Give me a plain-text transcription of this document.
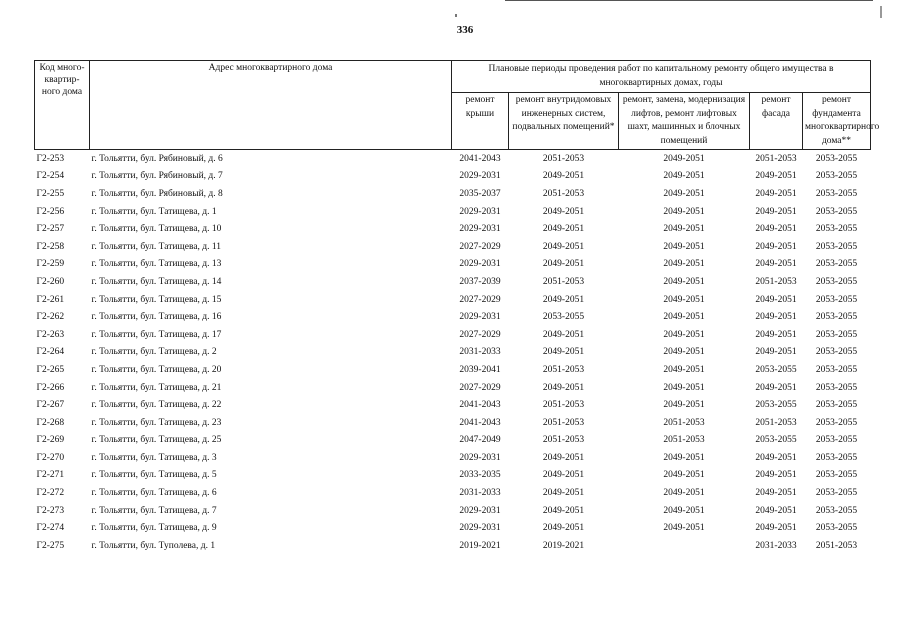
336
Код много-
квартир-
ного дома	Адрес многоквартирного дома	Плановые периоды проведения работ по капитальному ремонту общего имущества в многоквартирных домах, годы				
		ремонт крыши	ремонт внутридомовых инженерных систем, подвальных помещений*	ремонт, замена, модернизация лифтов, ремонт лифтовых шахт, машинных и блочных помещений	ремонт фасада	ремонт фундамента многоквартирного дома**
Г2-253	г. Тольятти, бул. Рябиновый, д. 6	2041-2043	2051-2053	2049-2051	2051-2053	2053-2055
Г2-254	г. Тольятти, бул. Рябиновый, д. 7	2029-2031	2049-2051	2049-2051	2049-2051	2053-2055
Г2-255	г. Тольятти, бул. Рябиновый, д. 8	2035-2037	2051-2053	2049-2051	2049-2051	2053-2055
Г2-256	г. Тольятти, бул. Татищева, д. 1	2029-2031	2049-2051	2049-2051	2049-2051	2053-2055
Г2-257	г. Тольятти, бул. Татищева, д. 10	2029-2031	2049-2051	2049-2051	2049-2051	2053-2055
Г2-258	г. Тольятти, бул. Татищева, д. 11	2027-2029	2049-2051	2049-2051	2049-2051	2053-2055
Г2-259	г. Тольятти, бул. Татищева, д. 13	2029-2031	2049-2051	2049-2051	2049-2051	2053-2055
Г2-260	г. Тольятти, бул. Татищева, д. 14	2037-2039	2051-2053	2049-2051	2051-2053	2053-2055
Г2-261	г. Тольятти, бул. Татищева, д. 15	2027-2029	2049-2051	2049-2051	2049-2051	2053-2055
Г2-262	г. Тольятти, бул. Татищева, д. 16	2029-2031	2053-2055	2049-2051	2049-2051	2053-2055
Г2-263	г. Тольятти, бул. Татищева, д. 17	2027-2029	2049-2051	2049-2051	2049-2051	2053-2055
Г2-264	г. Тольятти, бул. Татищева, д. 2	2031-2033	2049-2051	2049-2051	2049-2051	2053-2055
Г2-265	г. Тольятти, бул. Татищева, д. 20	2039-2041	2051-2053	2049-2051	2053-2055	2053-2055
Г2-266	г. Тольятти, бул. Татищева, д. 21	2027-2029	2049-2051	2049-2051	2049-2051	2053-2055
Г2-267	г. Тольятти, бул. Татищева, д. 22	2041-2043	2051-2053	2049-2051	2053-2055	2053-2055
Г2-268	г. Тольятти, бул. Татищева, д. 23	2041-2043	2051-2053	2051-2053	2051-2053	2053-2055
Г2-269	г. Тольятти, бул. Татищева, д. 25	2047-2049	2051-2053	2051-2053	2053-2055	2053-2055
Г2-270	г. Тольятти, бул. Татищева, д. 3	2029-2031	2049-2051	2049-2051	2049-2051	2053-2055
Г2-271	г. Тольятти, бул. Татищева, д. 5	2033-2035	2049-2051	2049-2051	2049-2051	2053-2055
Г2-272	г. Тольятти, бул. Татищева, д. 6	2031-2033	2049-2051	2049-2051	2049-2051	2053-2055
Г2-273	г. Тольятти, бул. Татищева, д. 7	2029-2031	2049-2051	2049-2051	2049-2051	2053-2055
Г2-274	г. Тольятти, бул. Татищева, д. 9	2029-2031	2049-2051	2049-2051	2049-2051	2053-2055
Г2-275	г. Тольятти, бул. Туполева, д. 1	2019-2021	2019-2021		2031-2033	2051-2053
